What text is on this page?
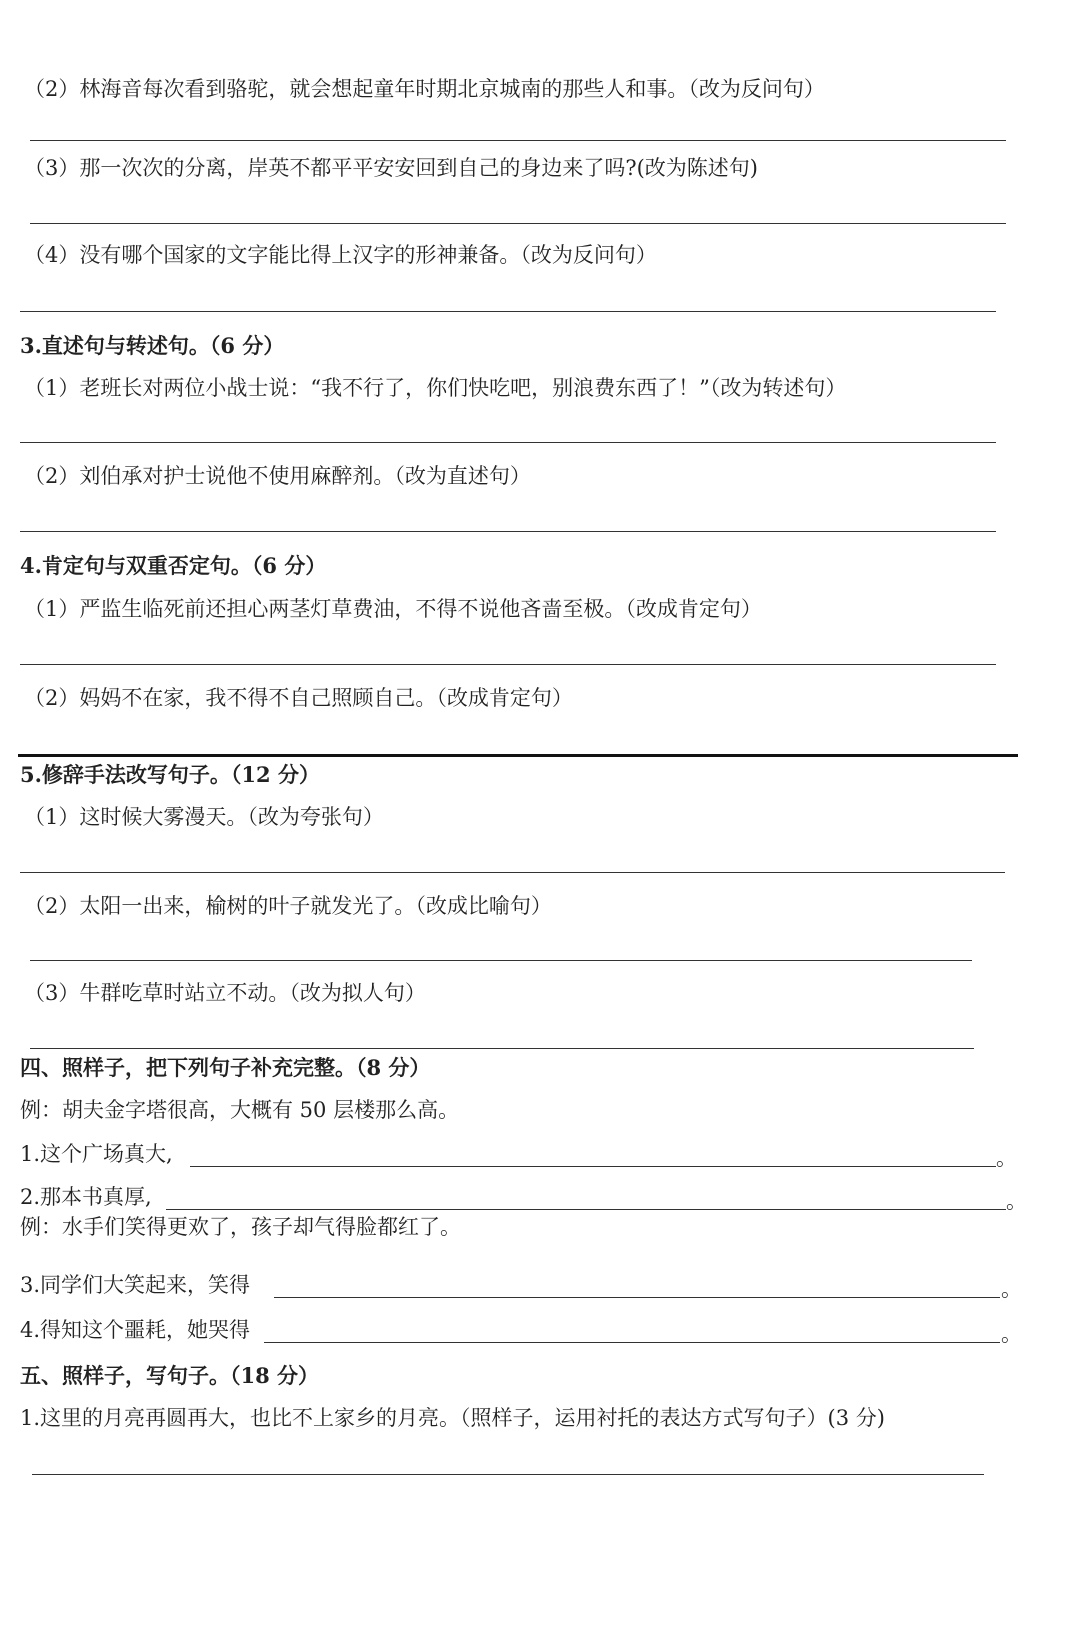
（2）林海音每次看到骆驼，就会想起童年时期北京城南的那些人和事。（改为反问句）
（3）那一次次的分离，岸英不都平平安安回到自己的身边来了吗?(改为陈述句)
（4）没有哪个国家的文字能比得上汉字的形神兼备。（改为反问句）
3.直述句与转述句。（6 分）
（1）老班长对两位小战士说：“我不行了，你们快吃吧，别浪费东西了！”（改为转述句）
（2）刘伯承对护士说他不使用麻醉剂。（改为直述句）
4.肯定句与双重否定句。（6 分）
（1）严监生临死前还担心两茎灯草费油，不得不说他吝啬至极。（改成肯定句）
（2）妈妈不在家，我不得不自己照顾自己。（改成肯定句）
5.修辞手法改写句子。（12 分）
（1）这时候大雾漫天。（改为夸张句）
（2）太阳一出来，榆树的叶子就发光了。（改成比喻句）
（3）牛群吃草时站立不动。（改为拟人句）
四、照样子，把下列句子补充完整。（8 分）
例：胡夫金字塔很高，大概有 50 层楼那么高。
1.这个广场真大,	。
2.那本书真厚,	。
例：水手们笑得更欢了，孩子却气得脸都红了。
3.同学们大笑起来，笑得	。
4.得知这个噩耗，她哭得	。
五、照样子，写句子。（18 分）
1.这里的月亮再圆再大，也比不上家乡的月亮。（照样子，运用衬托的表达方式写句子）(3 分)
